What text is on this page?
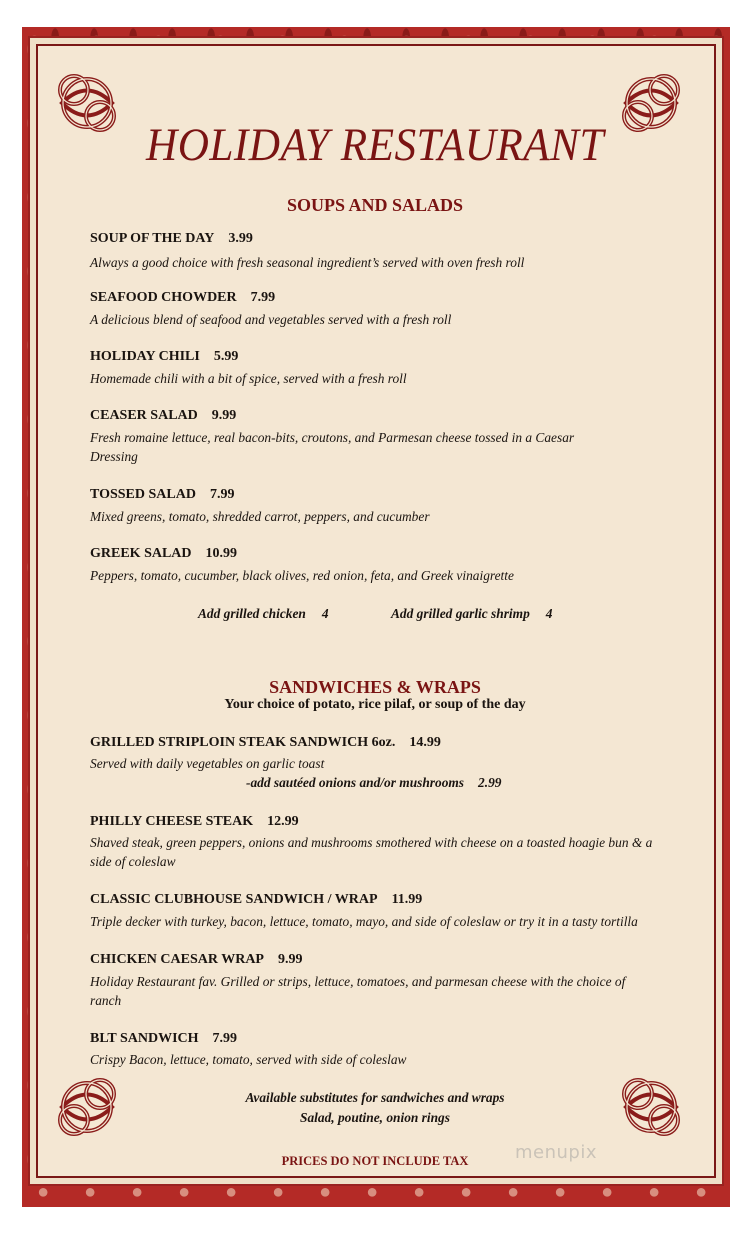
HOLIDAY RESTAURANT
SOUPS AND SALADS
SOUP OF THE DAY 3.99
Always a good choice with fresh seasonal ingredient’s served with oven fresh roll
SEAFOOD CHOWDER 7.99
A delicious blend of seafood and vegetables served with a fresh roll
HOLIDAY CHILI 5.99
Homemade chili with a bit of spice, served with a fresh roll
CEASER SALAD 9.99
Fresh romaine lettuce, real bacon-bits, croutons, and Parmesan cheese tossed in a Caesar Dressing
TOSSED SALAD 7.99
Mixed greens, tomato, shredded carrot, peppers, and cucumber
GREEK SALAD 10.99
Peppers, tomato, cucumber, black olives, red onion, feta, and Greek vinaigrette
Add grilled chicken 4	Add grilled garlic shrimp 4
SANDWICHES & WRAPS
Your choice of potato, rice pilaf, or soup of the day
GRILLED STRIPLOIN STEAK SANDWICH 6oz. 14.99
Served with daily vegetables on garlic toast
-add sautéed onions and/or mushrooms 2.99
PHILLY CHEESE STEAK 12.99
Shaved steak, green peppers, onions and mushrooms smothered with cheese on a toasted hoagie bun & a side of coleslaw
CLASSIC CLUBHOUSE SANDWICH / WRAP 11.99
Triple decker with turkey, bacon, lettuce, tomato, mayo, and side of coleslaw or try it in a tasty tortilla
CHICKEN CAESAR WRAP 9.99
Holiday Restaurant fav. Grilled or strips, lettuce, tomatoes, and parmesan cheese with the choice of ranch
BLT SANDWICH 7.99
Crispy Bacon, lettuce, tomato, served with side of coleslaw
Available substitutes for sandwiches and wraps
Salad, poutine, onion rings
PRICES DO NOT INCLUDE TAX	menupix
